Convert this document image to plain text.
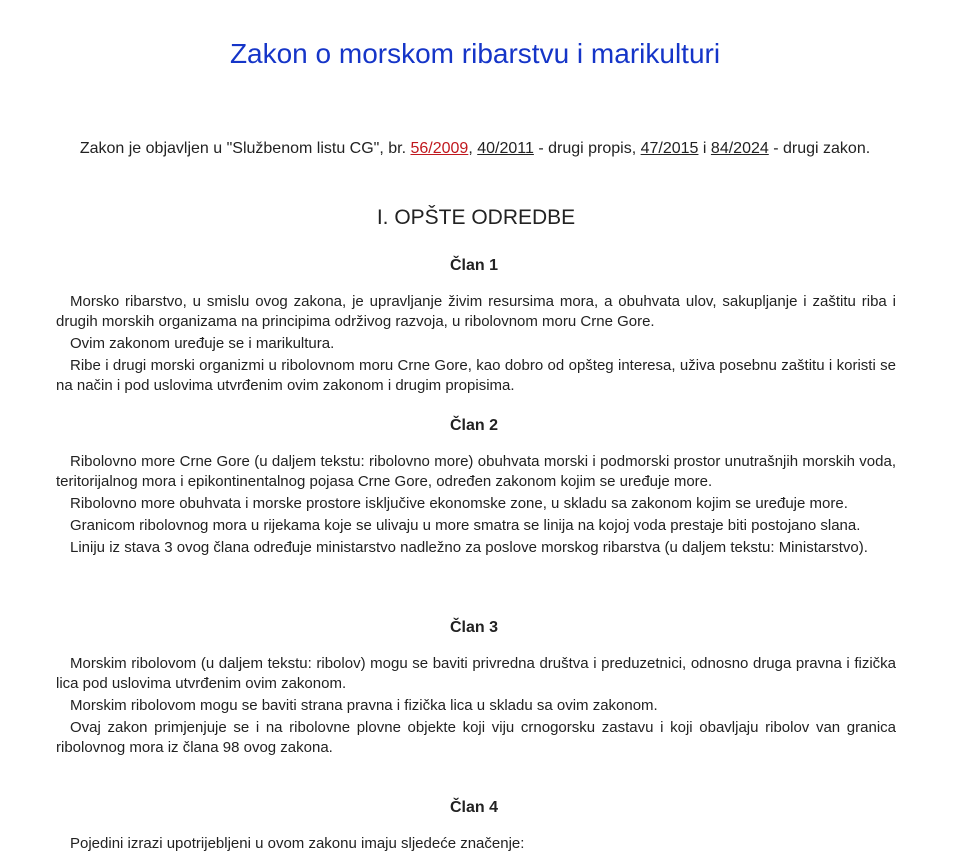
Zakon o morskom ribarstvu i marikulturi

Zakon je objavljen u "Službenom listu CG", br. 56/2009, 40/2011 - drugi propis, 47/2015 i 84/2024 - drugi zakon.

I. OPŠTE ODREDBE
Član 1

Morsko ribarstvo, u smislu ovog zakona, je upravljanje živim resursima mora, a obuhvata ulov, sakupljanje i zaštitu riba i drugih morskih organizama na principima održivog razvoja, u ribolovnom moru Crne Gore.

Ovim zakonom uređuje se i marikultura.

Ribe i drugi morski organizmi u ribolovnom moru Crne Gore, kao dobro od opšteg interesa, uživa posebnu zaštitu i koristi se na način i pod uslovima utvrđenim ovim zakonom i drugim propisima.

Član 2

Ribolovno more Crne Gore (u daljem tekstu: ribolovno more) obuhvata morski i podmorski prostor unutrašnjih morskih voda, teritorijalnog mora i epikontinentalnog pojasa Crne Gore, određen zakonom kojim se uređuje more.

Ribolovno more obuhvata i morske prostore isključive ekonomske zone, u skladu sa zakonom kojim se uređuje more.

Granicom ribolovnog mora u rijekama koje se ulivaju u more smatra se linija na kojoj voda prestaje biti postojano slana.

Liniju iz stava 3 ovog člana određuje ministarstvo nadležno za poslove morskog ribarstva (u daljem tekstu: Ministarstvo).

Član 3

Morskim ribolovom (u daljem tekstu: ribolov) mogu se baviti privredna društva i preduzetnici, odnosno druga pravna i fizička lica pod uslovima utvrđenim ovim zakonom.

Morskim ribolovom mogu se baviti strana pravna i fizička lica u skladu sa ovim zakonom.

Ovaj zakon primjenjuje se i na ribolovne plovne objekte koji viju crnogorsku zastavu i koji obavljaju ribolov van granica ribolovnog mora iz člana 98 ovog zakona.

Član 4

Pojedini izrazi upotrijebljeni u ovom zakonu imaju sljedeće značenje:
